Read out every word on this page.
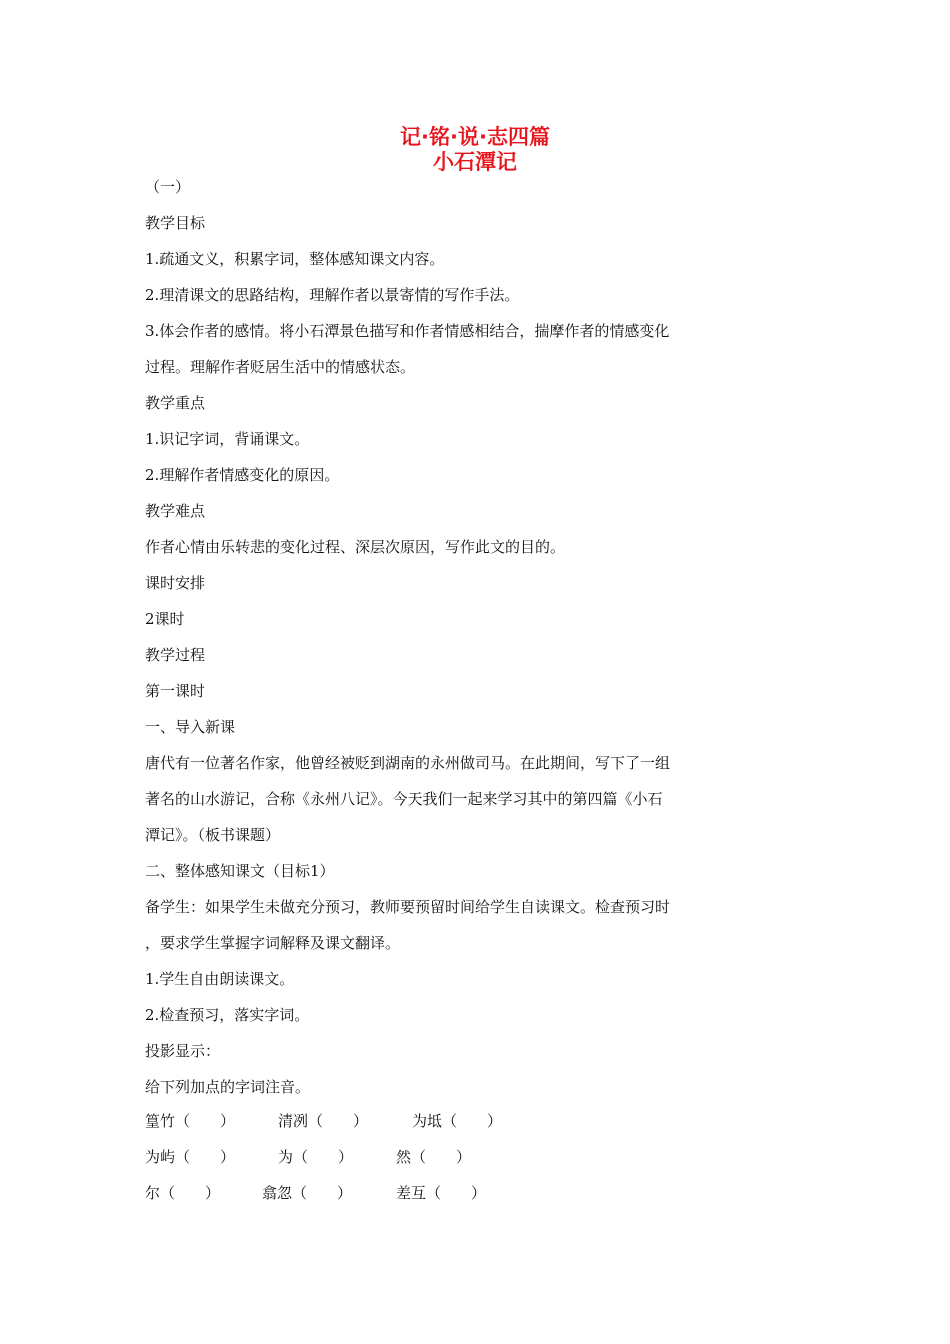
记·铭·说·志四篇
小石潭记
（一）
教学目标
1.疏通文义，积累字词，整体感知课文内容。
2.理清课文的思路结构，理解作者以景寄情的写作手法。
3.体会作者的感情。将小石潭景色描写和作者情感相结合，揣摩作者的情感变化
过程。理解作者贬居生活中的情感状态。
教学重点
1.识记字词，背诵课文。
2.理解作者情感变化的原因。
教学难点
作者心情由乐转悲的变化过程、深层次原因，写作此文的目的。
课时安排
2课时
教学过程
第一课时
一、导入新课
唐代有一位著名作家，他曾经被贬到湖南的永州做司马。在此期间，写下了一组
著名的山水游记，合称《永州八记》。今天我们一起来学习其中的第四篇《小石
潭记》。（板书课题）
二、整体感知课文（目标1）
备学生：如果学生未做充分预习，教师要预留时间给学生自读课文。检查预习时
，要求学生掌握字词解释及课文翻译。
1.学生自由朗读课文。
2.检查预习，落实字词。
投影显示：
给下列加点的字词注音。
篁竹（　　）	清冽（　　）	为坻（　　）
为屿（　　）	为（　　）	然（　　）
尔（　　）	翕忽（　　）	差互（　　）
